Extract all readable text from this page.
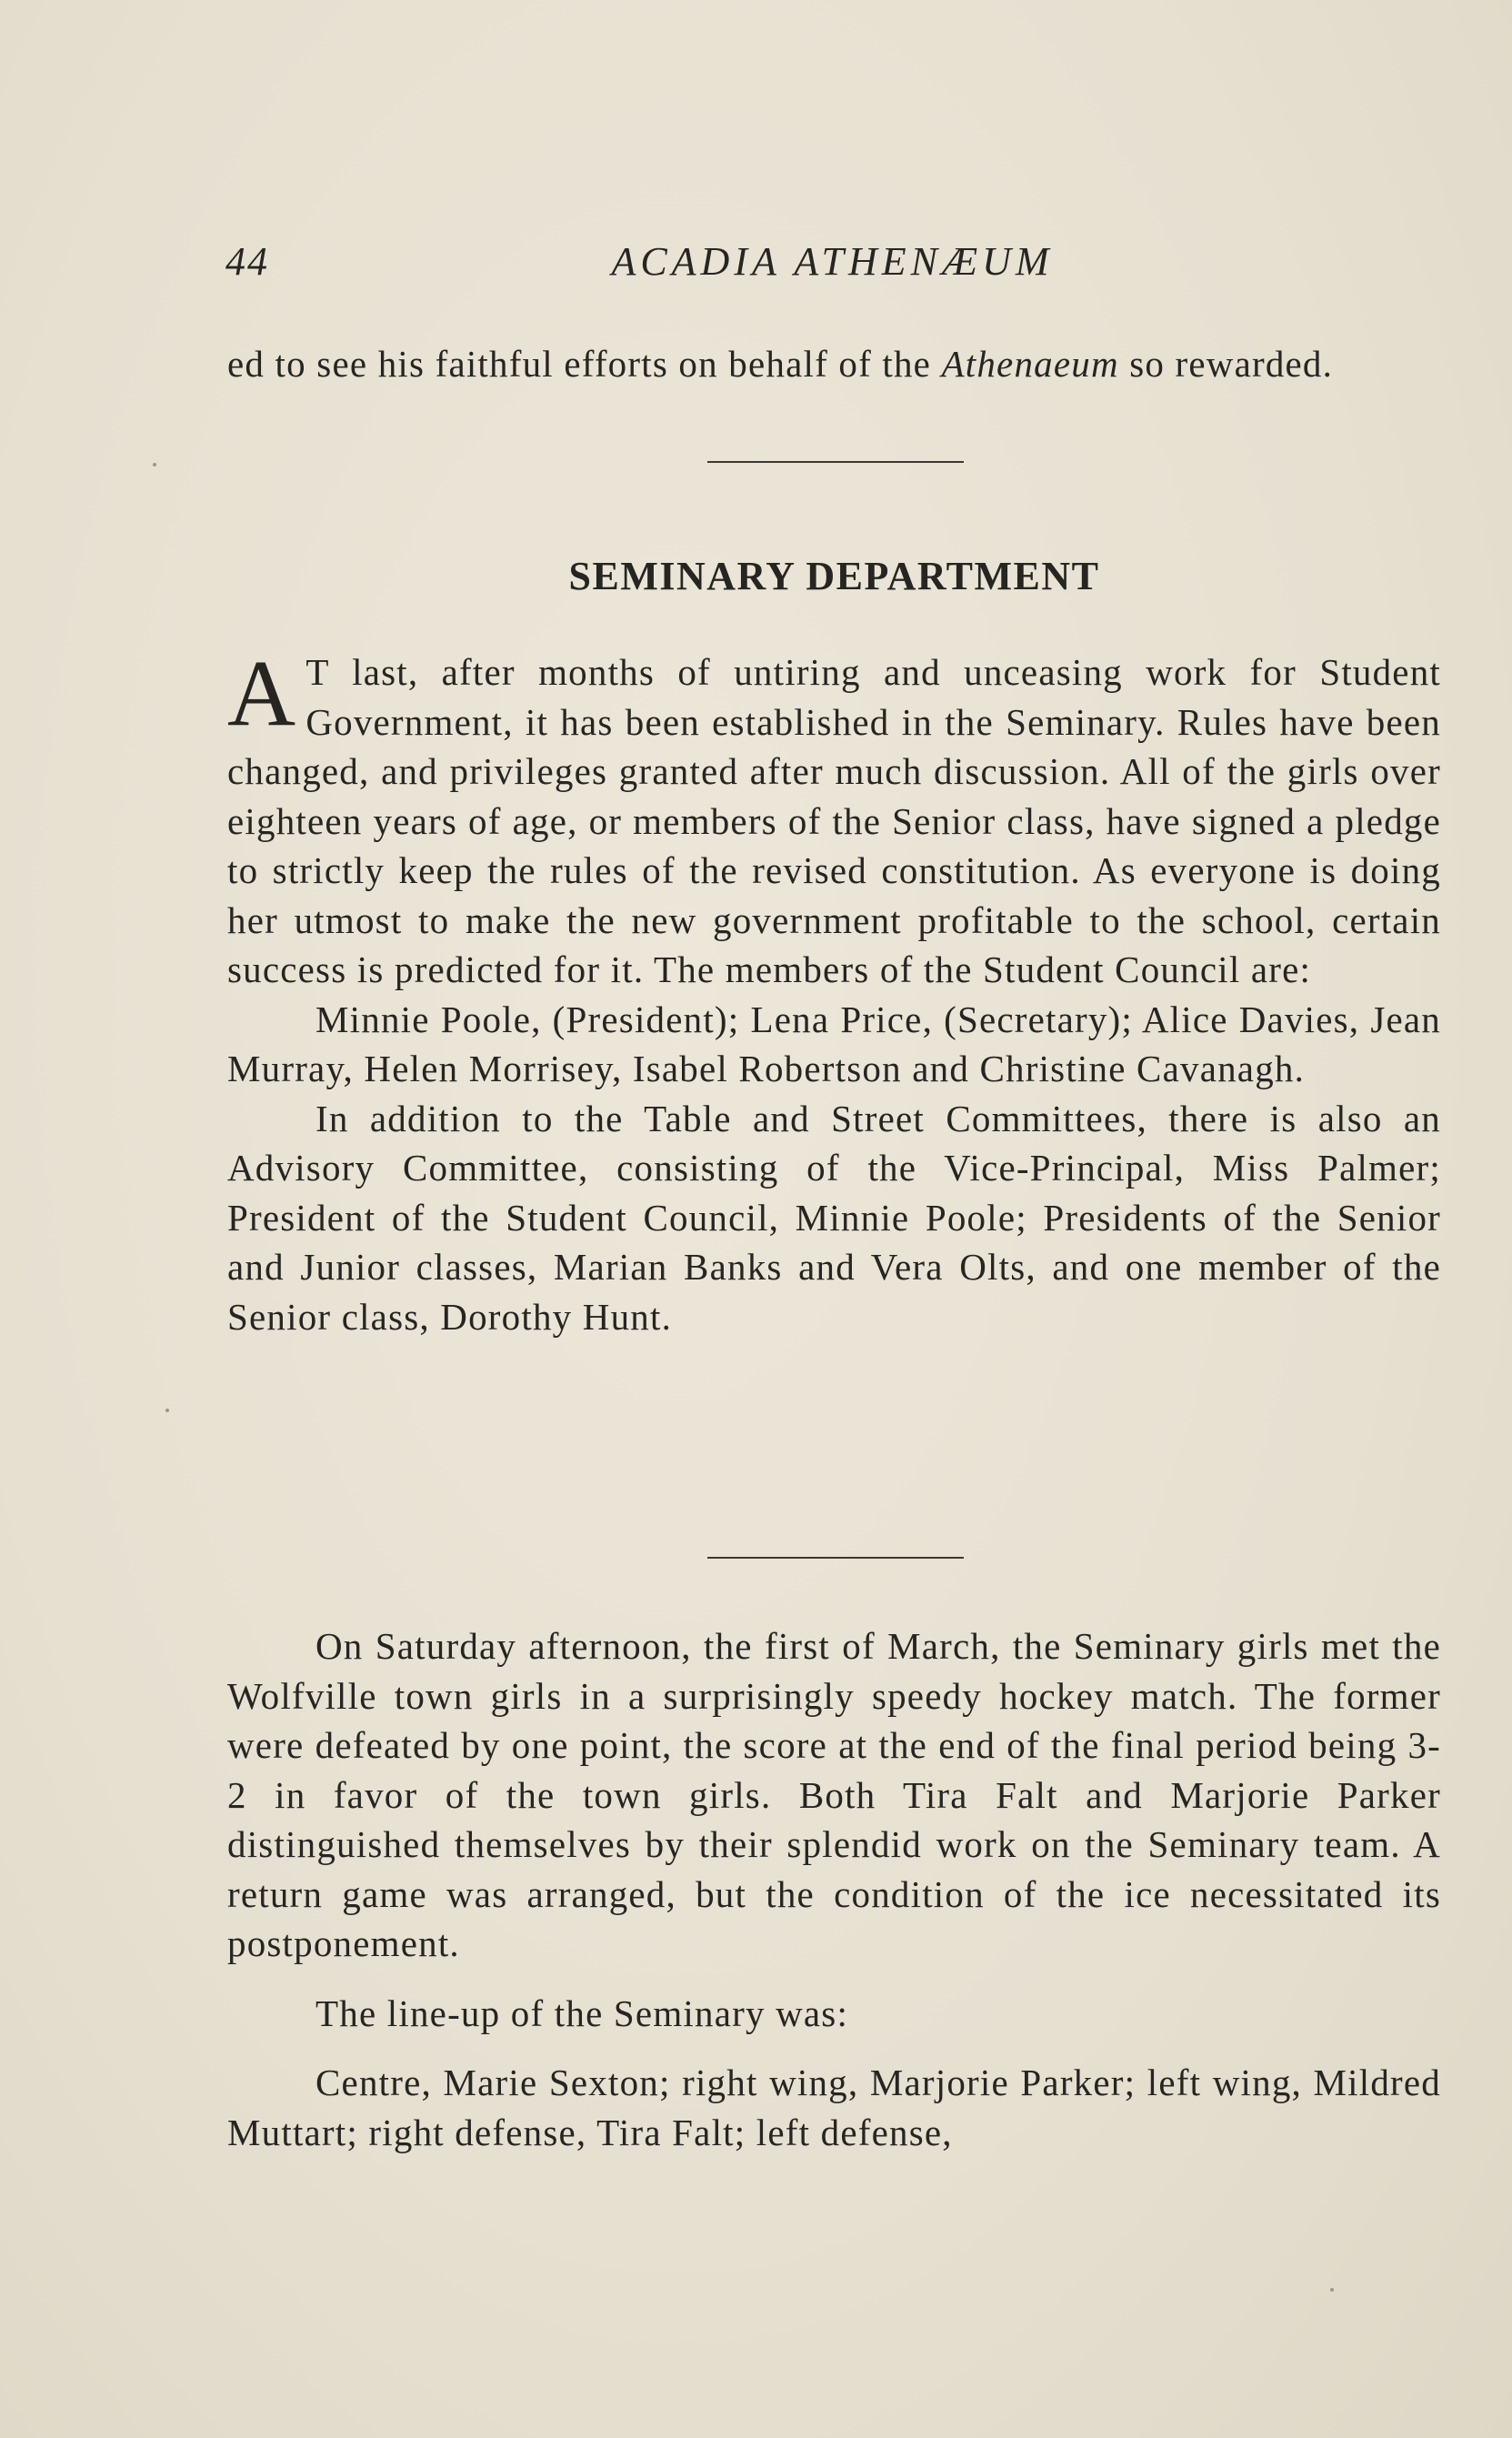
44	ACADIA ATHENÆUM

ed to see his faithful efforts on behalf of the Athenaeum so rewarded.

SEMINARY DEPARTMENT

A T last, after months of untiring and unceasing work for Student Government, it has been established in the Seminary. Rules have been changed, and privileges granted after much discussion. All of the girls over eighteen years of age, or members of the Senior class, have signed a pledge to strictly keep the rules of the revised constitution. As everyone is doing her utmost to make the new government profitable to the school, certain success is predicted for it. The members of the Student Council are:

Minnie Poole, (President); Lena Price, (Secretary); Alice Davies, Jean Murray, Helen Morrisey, Isabel Robertson and Christine Cavanagh.

In addition to the Table and Street Committees, there is also an Advisory Committee, consisting of the Vice-Principal, Miss Palmer; President of the Student Council, Minnie Poole; Presidents of the Senior and Junior classes, Marian Banks and Vera Olts, and one member of the Senior class, Dorothy Hunt.

On Saturday afternoon, the first of March, the Seminary girls met the Wolfville town girls in a surprisingly speedy hockey match. The former were defeated by one point, the score at the end of the final period being 3-2 in favor of the town girls. Both Tira Falt and Marjorie Parker distinguished themselves by their splendid work on the Seminary team. A return game was arranged, but the condition of the ice necessitated its postponement.

The line-up of the Seminary was:

Centre, Marie Sexton; right wing, Marjorie Parker; left wing, Mildred Muttart; right defense, Tira Falt; left defense,
